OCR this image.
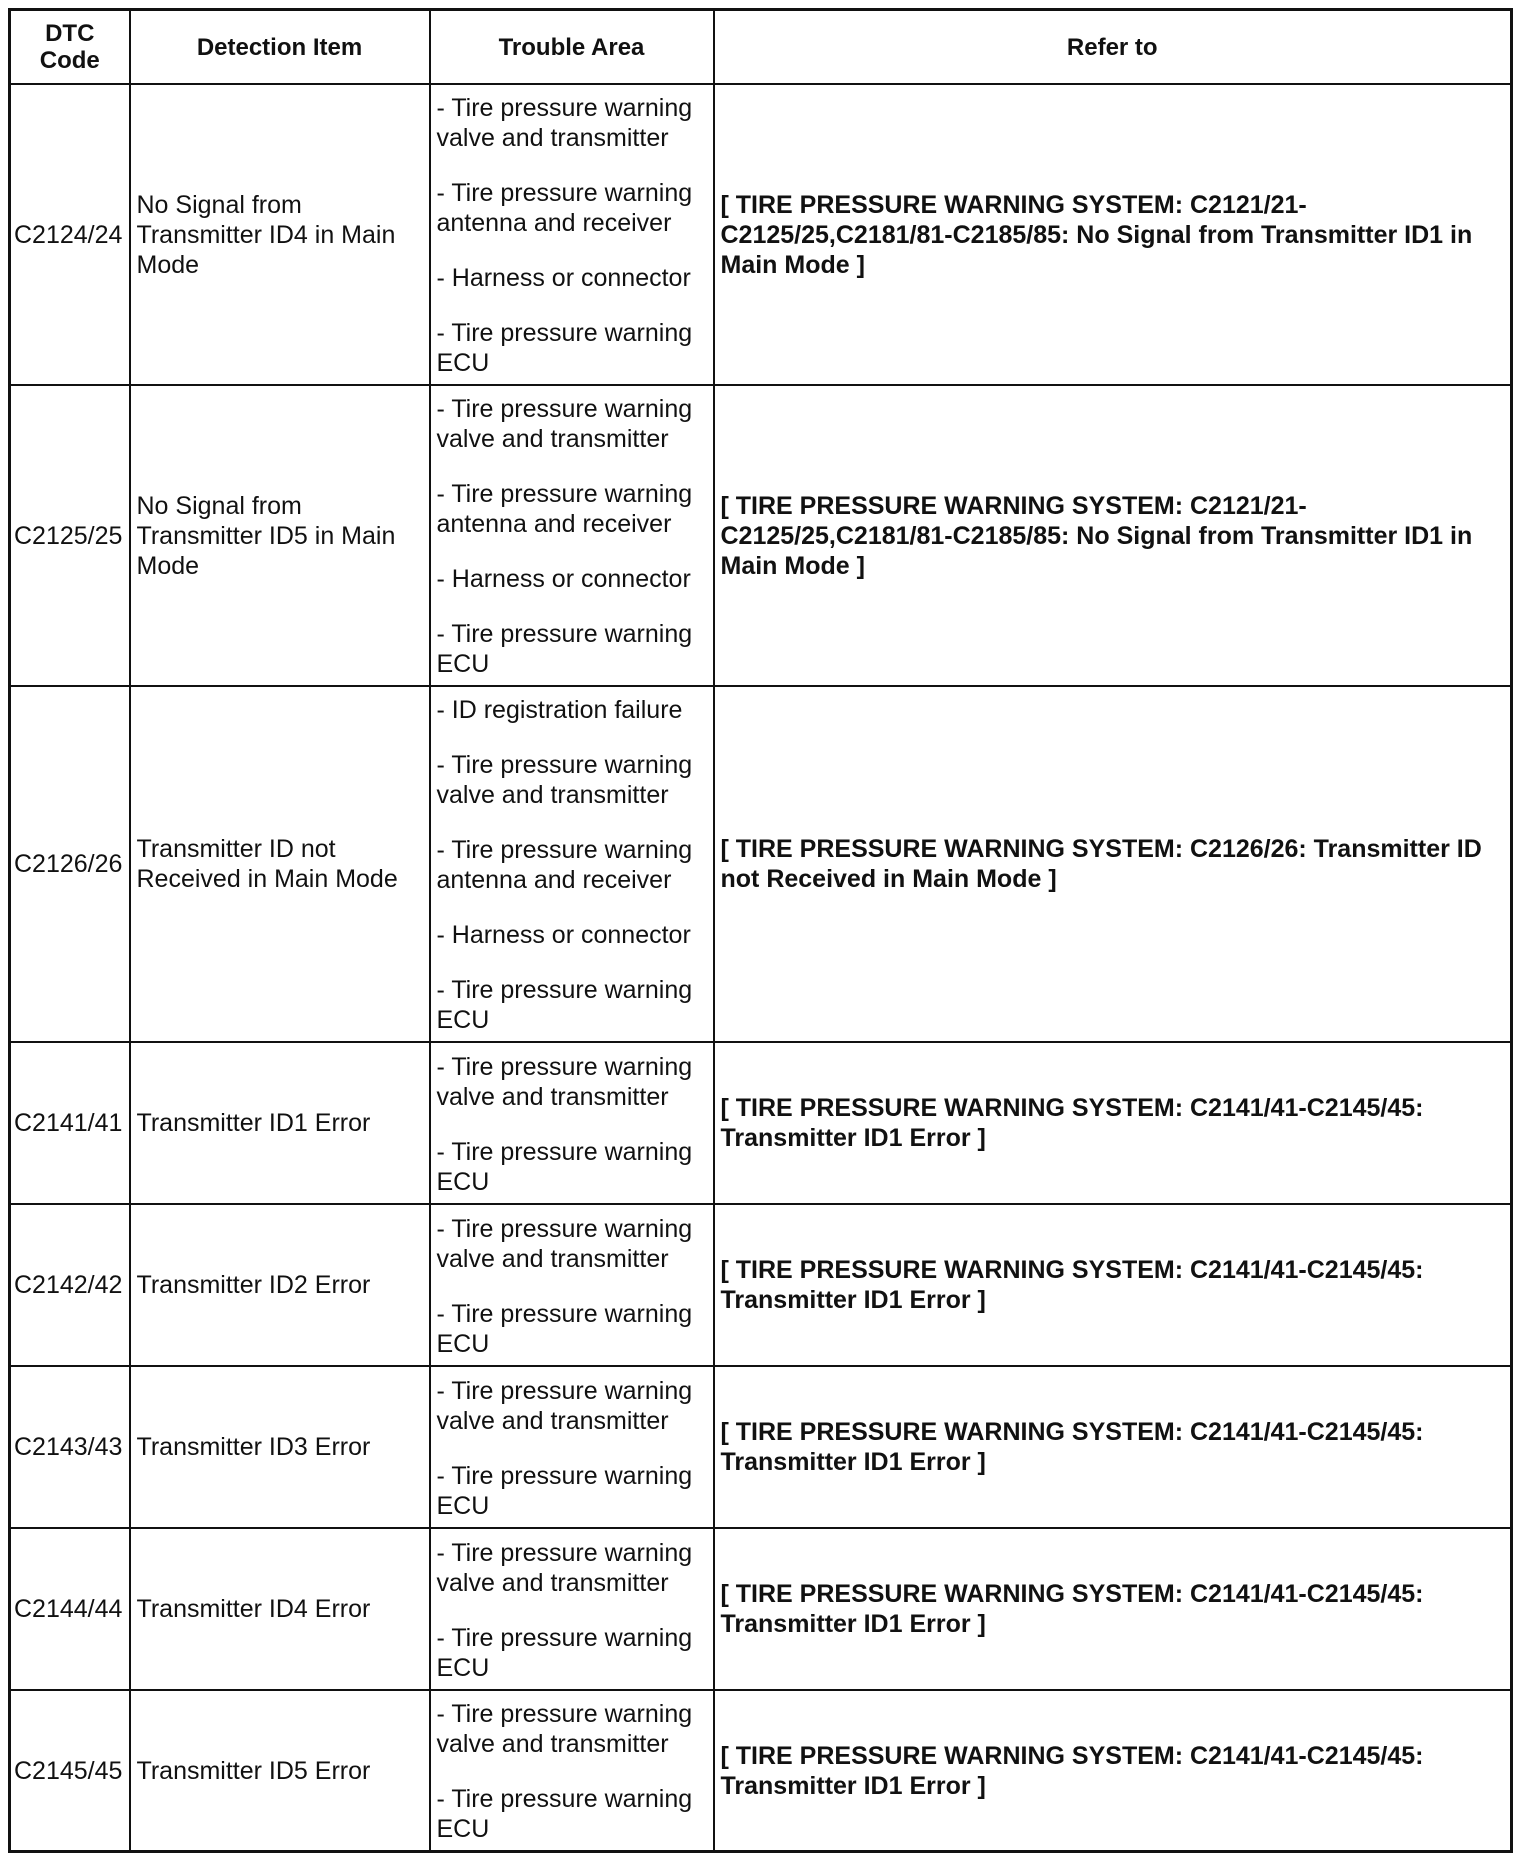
DTC Code	Detection Item	Trouble Area	Refer to
C2124/24	No Signal from Transmitter ID4 in Main Mode	- Tire pressure warning valve and transmitter

- Tire pressure warning antenna and receiver

- Harness or connector

- Tire pressure warning ECU	[ TIRE PRESSURE WARNING SYSTEM: C2121/21-C2125/25,C2181/81-C2185/85: No Signal from Transmitter ID1 in Main Mode ]
C2125/25	No Signal from Transmitter ID5 in Main Mode	- Tire pressure warning valve and transmitter

- Tire pressure warning antenna and receiver

- Harness or connector

- Tire pressure warning ECU	[ TIRE PRESSURE WARNING SYSTEM: C2121/21-C2125/25,C2181/81-C2185/85: No Signal from Transmitter ID1 in Main Mode ]
C2126/26	Transmitter ID not Received in Main Mode	- ID registration failure

- Tire pressure warning valve and transmitter

- Tire pressure warning antenna and receiver

- Harness or connector

- Tire pressure warning ECU	[ TIRE PRESSURE WARNING SYSTEM: C2126/26: Transmitter ID not Received in Main Mode ]
C2141/41	Transmitter ID1 Error	- Tire pressure warning valve and transmitter

- Tire pressure warning ECU	[ TIRE PRESSURE WARNING SYSTEM: C2141/41-C2145/45: Transmitter ID1 Error ]
C2142/42	Transmitter ID2 Error	- Tire pressure warning valve and transmitter

- Tire pressure warning ECU	[ TIRE PRESSURE WARNING SYSTEM: C2141/41-C2145/45: Transmitter ID1 Error ]
C2143/43	Transmitter ID3 Error	- Tire pressure warning valve and transmitter

- Tire pressure warning ECU	[ TIRE PRESSURE WARNING SYSTEM: C2141/41-C2145/45: Transmitter ID1 Error ]
C2144/44	Transmitter ID4 Error	- Tire pressure warning valve and transmitter

- Tire pressure warning ECU	[ TIRE PRESSURE WARNING SYSTEM: C2141/41-C2145/45: Transmitter ID1 Error ]
C2145/45	Transmitter ID5 Error	- Tire pressure warning valve and transmitter

- Tire pressure warning ECU	[ TIRE PRESSURE WARNING SYSTEM: C2141/41-C2145/45: Transmitter ID1 Error ]
